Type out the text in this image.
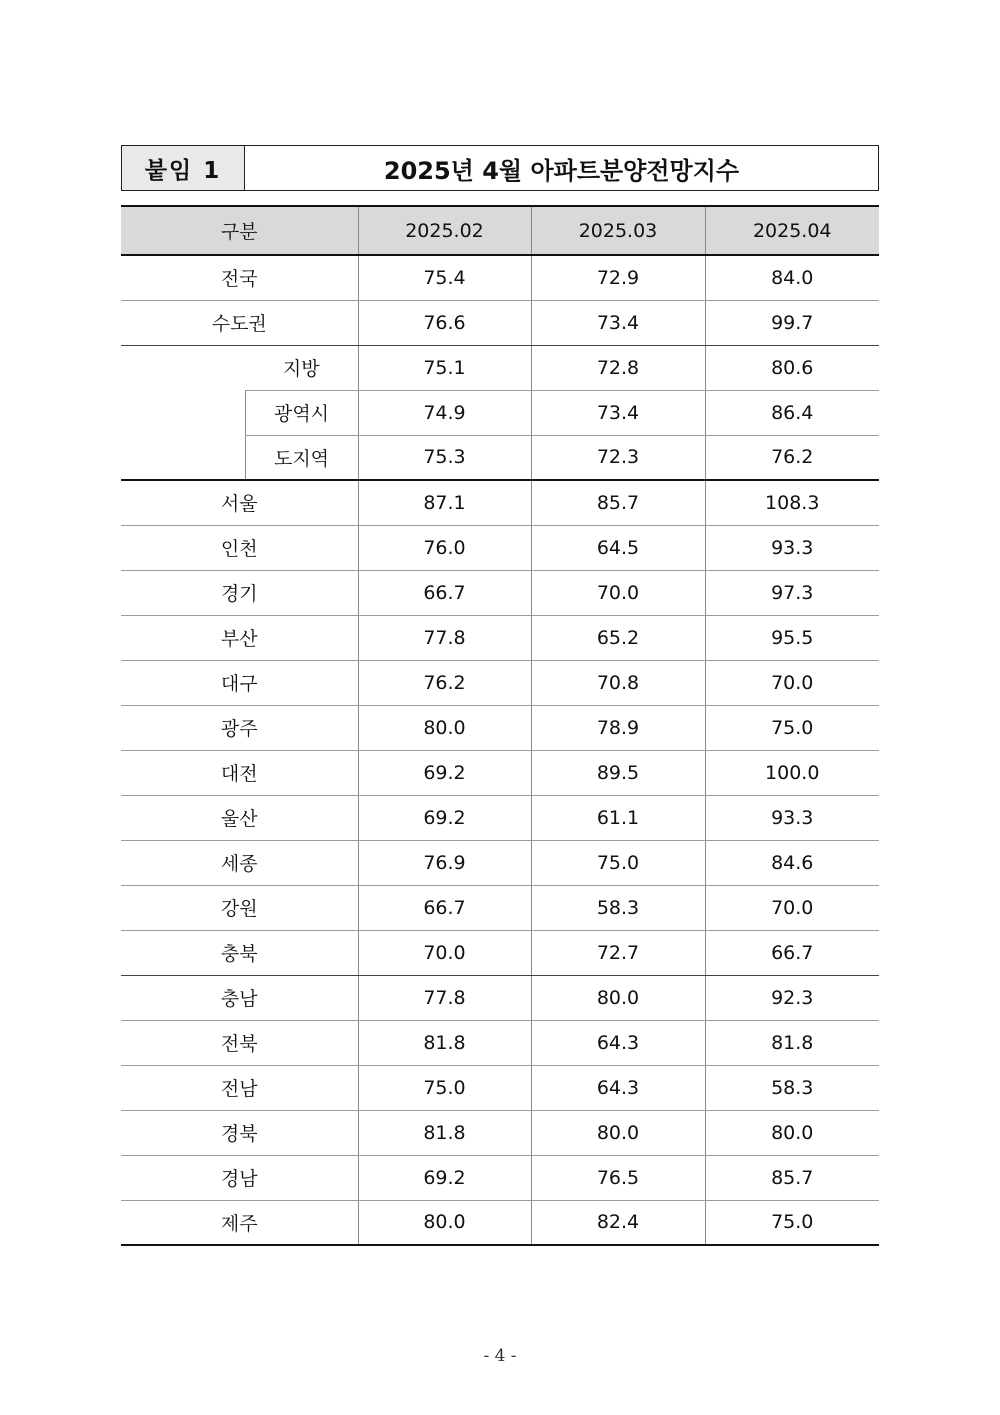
붙임 1	2025년 4월 아파트분양전망지수
구분		2025.02	2025.03	2025.04
전국		75.4	72.9	84.0
수도권		76.6	73.4	99.7
	지방	75.1	72.8	80.6
	광역시	74.9	73.4	86.4
	도지역	75.3	72.3	76.2
서울		87.1	85.7	108.3
인천		76.0	64.5	93.3
경기		66.7	70.0	97.3
부산		77.8	65.2	95.5
대구		76.2	70.8	70.0
광주		80.0	78.9	75.0
대전		69.2	89.5	100.0
울산		69.2	61.1	93.3
세종		76.9	75.0	84.6
강원		66.7	58.3	70.0
충북		70.0	72.7	66.7
충남		77.8	80.0	92.3
전북		81.8	64.3	81.8
전남		75.0	64.3	58.3
경북		81.8	80.0	80.0
경남		69.2	76.5	85.7
제주		80.0	82.4	75.0
- 4 -
